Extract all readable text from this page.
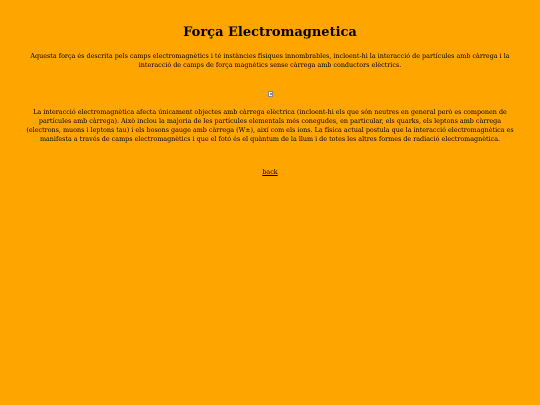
Força Electromagnetica

Aquesta força és descrita pels camps electromagnètics i té instàncies físiques innombrables, incloent-hi la interacció de partícules amb càrrega i la interacció de camps de força magnètics sense càrrega amb conductors elèctrics.

La interacció electromagnètica afecta únicament objectes amb càrrega elèctrica (incloent-hi els que són neutres en general però es componen de partícules amb càrrega). Això inclou la majoria de les partícules elementals més conegudes, en particular, els quarks, els leptons amb càrrega (electrons, muons i leptons tau) i els bosons gauge amb càrrega (W±), així com els ions. La física actual postula que la interacció electromagnètica es manifesta a través de camps electromagnètics i que el fotó és el quàntum de la llum i de totes les altres formes de radiació electromagnètica.

back
